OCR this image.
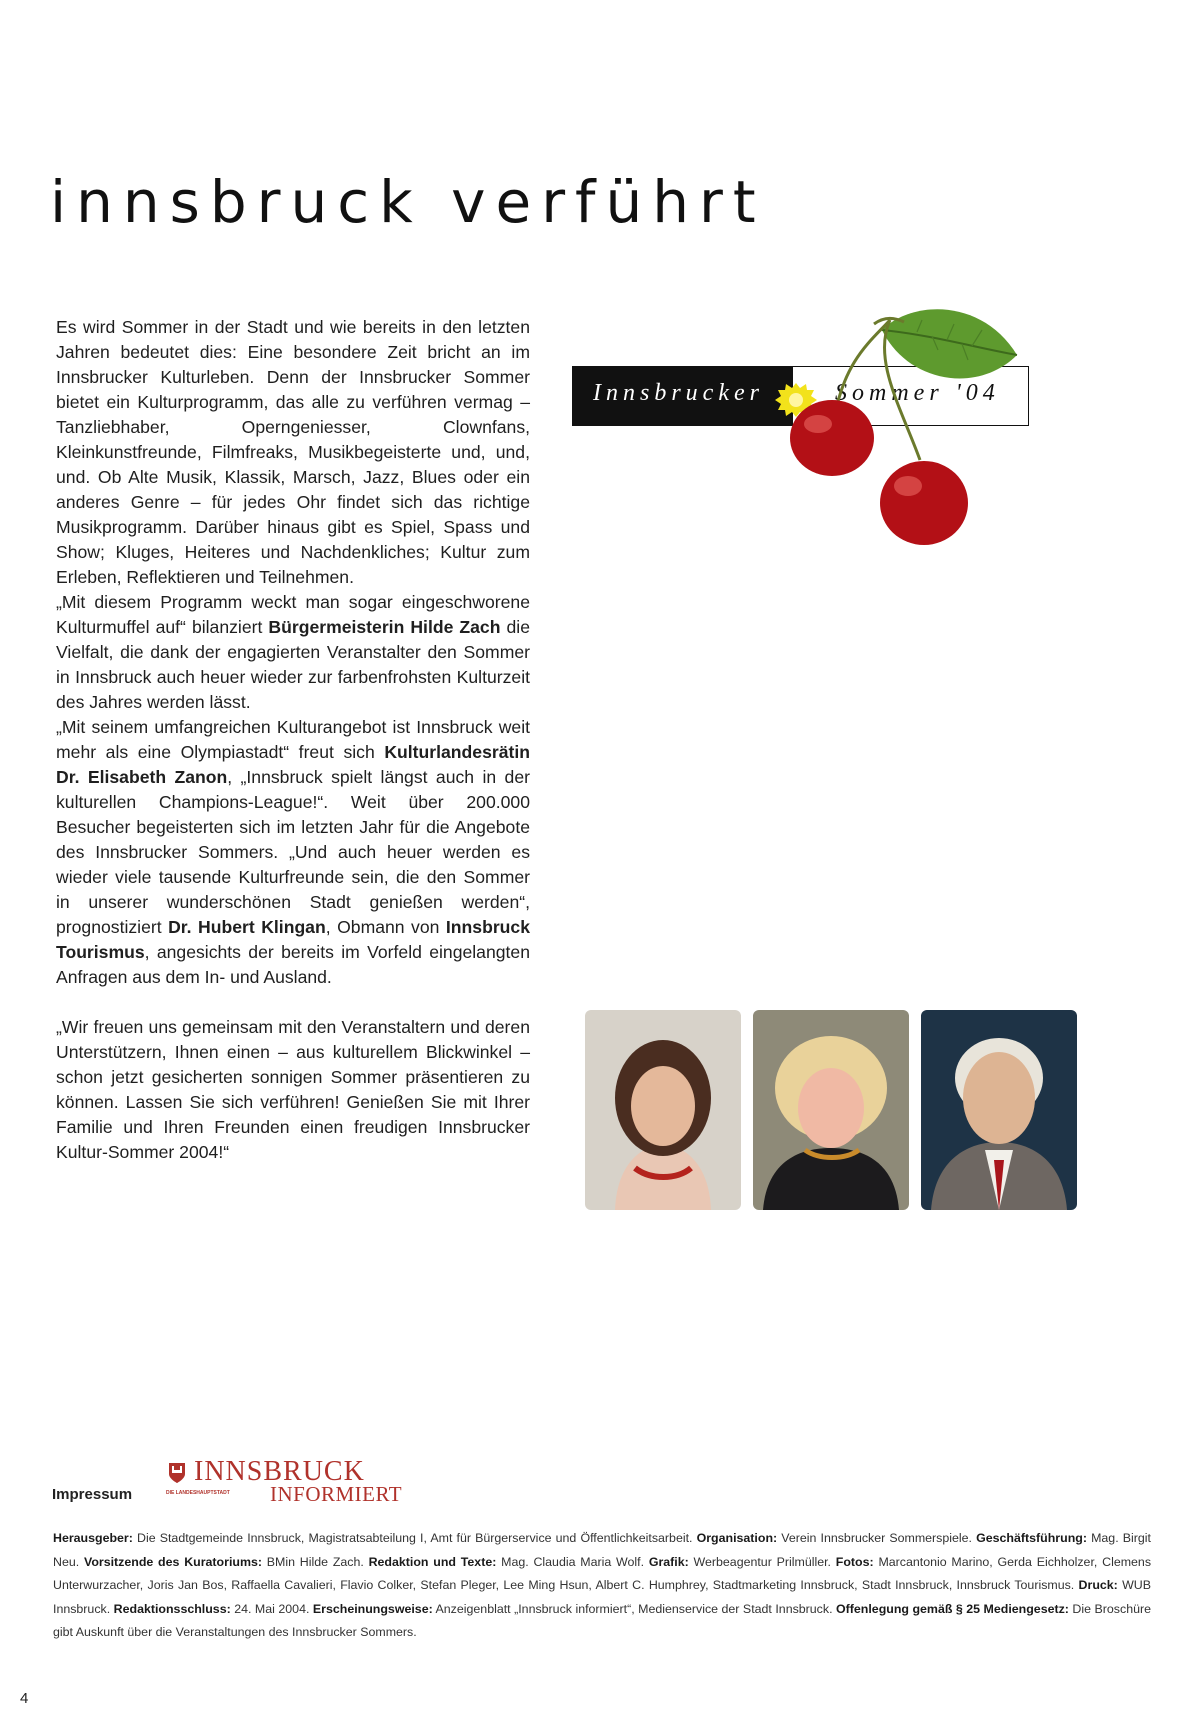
innsbruck verführt

Es wird Sommer in der Stadt und wie bereits in den letzten Jahren bedeutet dies: Eine besondere Zeit bricht an im Innsbrucker Kulturleben. Denn der Innsbrucker Sommer bietet ein Kulturprogramm, das alle zu verführen vermag – Tanzliebhaber, Operngeniesser, Clownfans, Kleinkunstfreunde, Filmfreaks, Musikbegeisterte und, und, und. Ob Alte Musik, Klassik, Marsch, Jazz, Blues oder ein anderes Genre – für jedes Ohr findet sich das richtige Musikprogramm. Darüber hinaus gibt es Spiel, Spass und Show; Kluges, Heiteres und Nachdenkliches; Kultur zum Erleben, Reflektieren und Teilnehmen.

„Mit diesem Programm weckt man sogar eingeschworene Kulturmuffel auf“ bilanziert Bürgermeisterin Hilde Zach die Vielfalt, die dank der engagierten Veranstalter den Sommer in Innsbruck auch heuer wieder zur farbenfrohsten Kulturzeit des Jahres werden lässt.

„Mit seinem umfangreichen Kulturangebot ist Innsbruck weit mehr als eine Olympiastadt“ freut sich Kulturlandesrätin Dr. Elisabeth Zanon, „Innsbruck spielt längst auch in der kulturellen Champions-League!“. Weit über 200.000 Besucher begeisterten sich im letzten Jahr für die Angebote des Innsbrucker Sommers. „Und auch heuer werden es wieder viele tausende Kulturfreunde sein, die den Sommer in unserer wunderschönen Stadt genießen werden“, prognostiziert Dr. Hubert Klingan, Obmann von Innsbruck Tourismus, angesichts der bereits im Vorfeld eingelangten Anfragen aus dem In- und Ausland.

„Wir freuen uns gemeinsam mit den Veranstaltern und deren Unterstützern, Ihnen einen – aus kulturellem Blickwinkel – schon jetzt gesicherten sonnigen Sommer präsentieren zu können. Lassen Sie sich verführen! Genießen Sie mit Ihrer Familie und Ihren Freunden einen freudigen Innsbrucker Kultur-Sommer 2004!“

Innsbrucker	Sommer '04
Impressum
INNSBRUCK
DIE LANDESHAUPTSTADT INFORMIERT
Herausgeber: Die Stadtgemeinde Innsbruck, Magistratsabteilung I, Amt für Bürgerservice und Öffentlichkeitsarbeit. Organisation: Verein Innsbrucker Sommerspiele. Geschäftsführung: Mag. Birgit Neu. Vorsitzende des Kuratoriums: BMin Hilde Zach. Redaktion und Texte: Mag. Claudia Maria Wolf. Grafik: Werbeagentur Prilmüller. Fotos: Marcantonio Marino, Gerda Eichholzer, Clemens Unterwurzacher, Joris Jan Bos, Raffaella Cavalieri, Flavio Colker, Stefan Pleger, Lee Ming Hsun, Albert C. Humphrey, Stadtmarketing Innsbruck, Stadt Innsbruck, Innsbruck Tourismus. Druck: WUB Innsbruck. Redaktionsschluss: 24. Mai 2004. Erscheinungsweise: Anzeigenblatt „Innsbruck informiert“, Medienservice der Stadt Innsbruck. Offenlegung gemäß § 25 Mediengesetz: Die Broschüre gibt Auskunft über die Veranstaltungen des Innsbrucker Sommers.
4
